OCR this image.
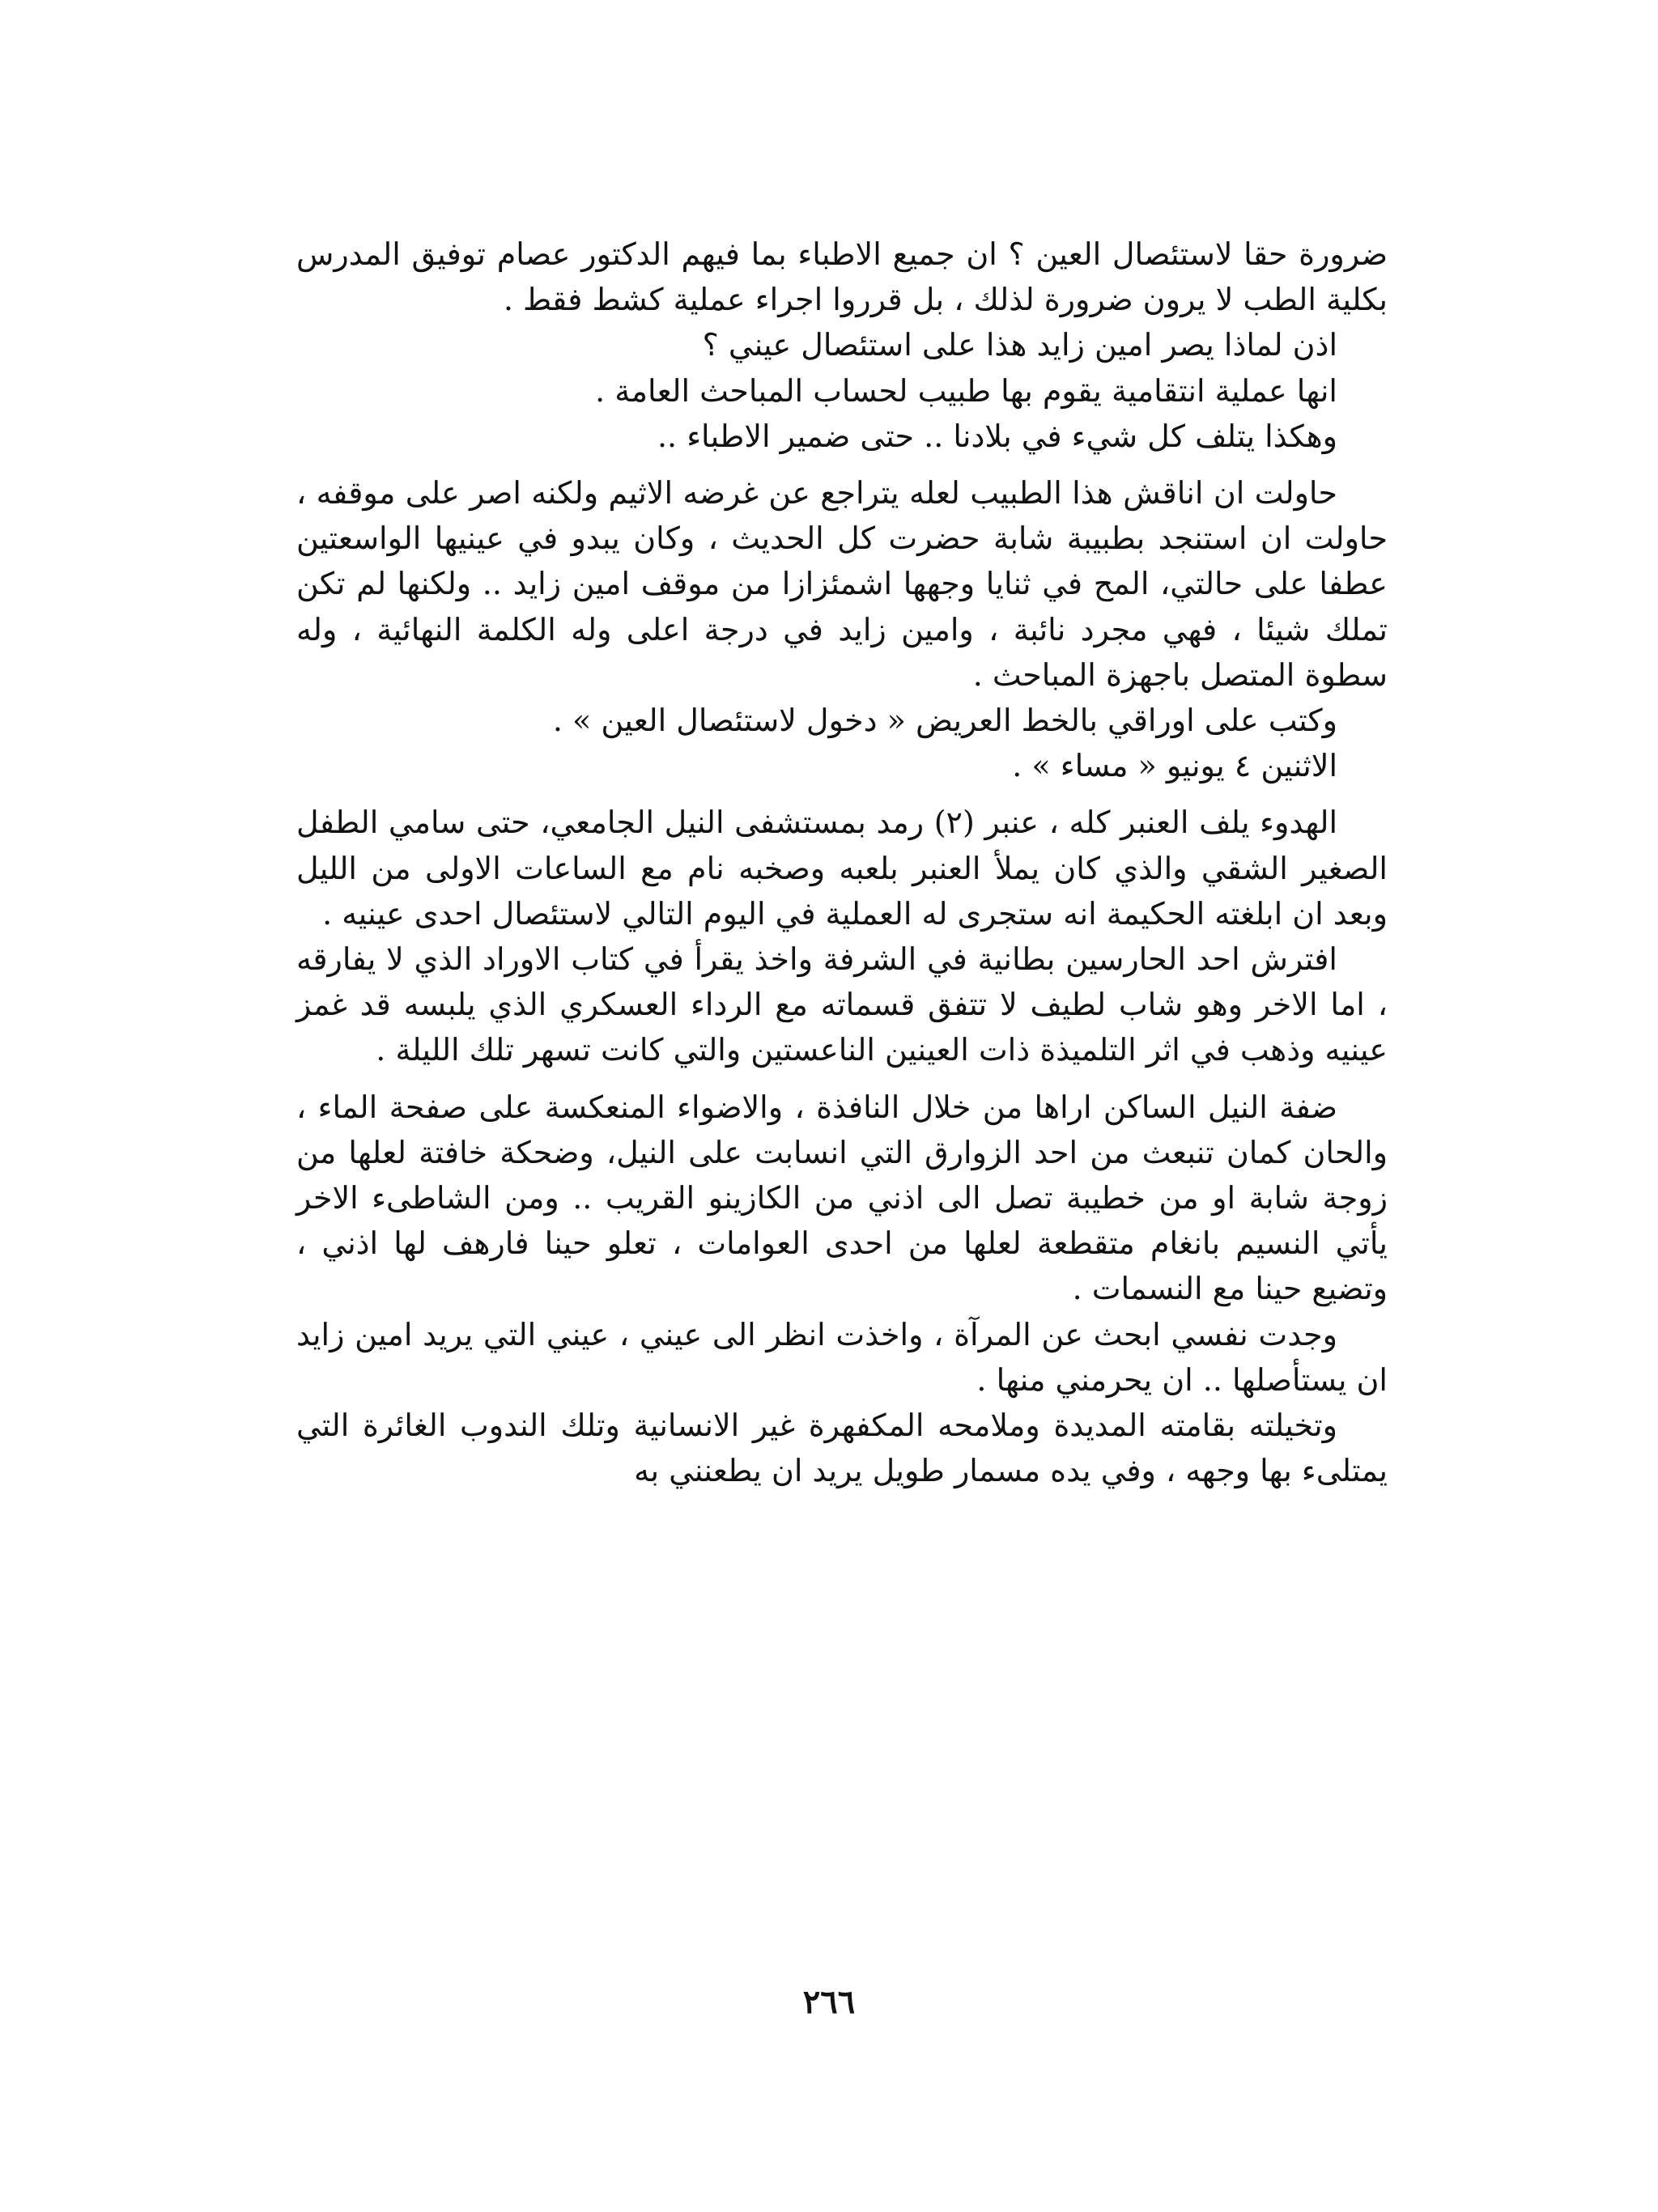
ضرورة حقا لاستئصال العين ؟ ان جميع الاطباء بما فيهم الدكتور عصام توفيق المدرس بكلية الطب لا يرون ضرورة لذلك ، بل قرروا اجراء عملية كشط فقط .

اذن لماذا يصر امين زايد هذا على استئصال عيني ؟

انها عملية انتقامية يقوم بها طبيب لحساب المباحث العامة .

وهكذا يتلف كل شيء في بلادنا .. حتى ضمير الاطباء ..

حاولت ان اناقش هذا الطبيب لعله يتراجع عن غرضه الاثيم ولكنه اصر على موقفه ، حاولت ان استنجد بطبيبة شابة حضرت كل الحديث ، وكان يبدو في عينيها الواسعتين عطفا على حالتي، المح في ثنايا وجهها اشمئزازا من موقف امين زايد .. ولكنها لم تكن تملك شيئا ، فهي مجرد نائبة ، وامين زايد في درجة اعلى وله الكلمة النهائية ، وله سطوة المتصل باجهزة المباحث .

وكتب على اوراقي بالخط العريض « دخول لاستئصال العين » .

الاثنين ٤ يونيو « مساء » .

الهدوء يلف العنبر كله ، عنبر (٢) رمد بمستشفى النيل الجامعي، حتى سامي الطفل الصغير الشقي والذي كان يملأ العنبر بلعبه وصخبه نام مع الساعات الاولى من الليل وبعد ان ابلغته الحكيمة انه ستجرى له العملية في اليوم التالي لاستئصال احدى عينيه .

افترش احد الحارسين بطانية في الشرفة واخذ يقرأ في كتاب الاوراد الذي لا يفارقه ، اما الاخر وهو شاب لطيف لا تتفق قسماته مع الرداء العسكري الذي يلبسه قد غمز عينيه وذهب في اثر التلميذة ذات العينين الناعستين والتي كانت تسهر تلك الليلة .

ضفة النيل الساكن اراها من خلال النافذة ، والاضواء المنعكسة على صفحة الماء ، والحان كمان تنبعث من احد الزوارق التي انسابت على النيل، وضحكة خافتة لعلها من زوجة شابة او من خطيبة تصل الى اذني من الكازينو القريب .. ومن الشاطىء الاخر يأتي النسيم بانغام متقطعة لعلها من احدى العوامات ، تعلو حينا فارهف لها اذني ، وتضيع حينا مع النسمات .

وجدت نفسي ابحث عن المرآة ، واخذت انظر الى عيني ، عيني التي يريد امين زايد ان يستأصلها .. ان يحرمني منها .

وتخيلته بقامته المديدة وملامحه المكفهرة غير الانسانية وتلك الندوب الغائرة التي يمتلىء بها وجهه ، وفي يده مسمار طويل يريد ان يطعنني به

٢٦٦
